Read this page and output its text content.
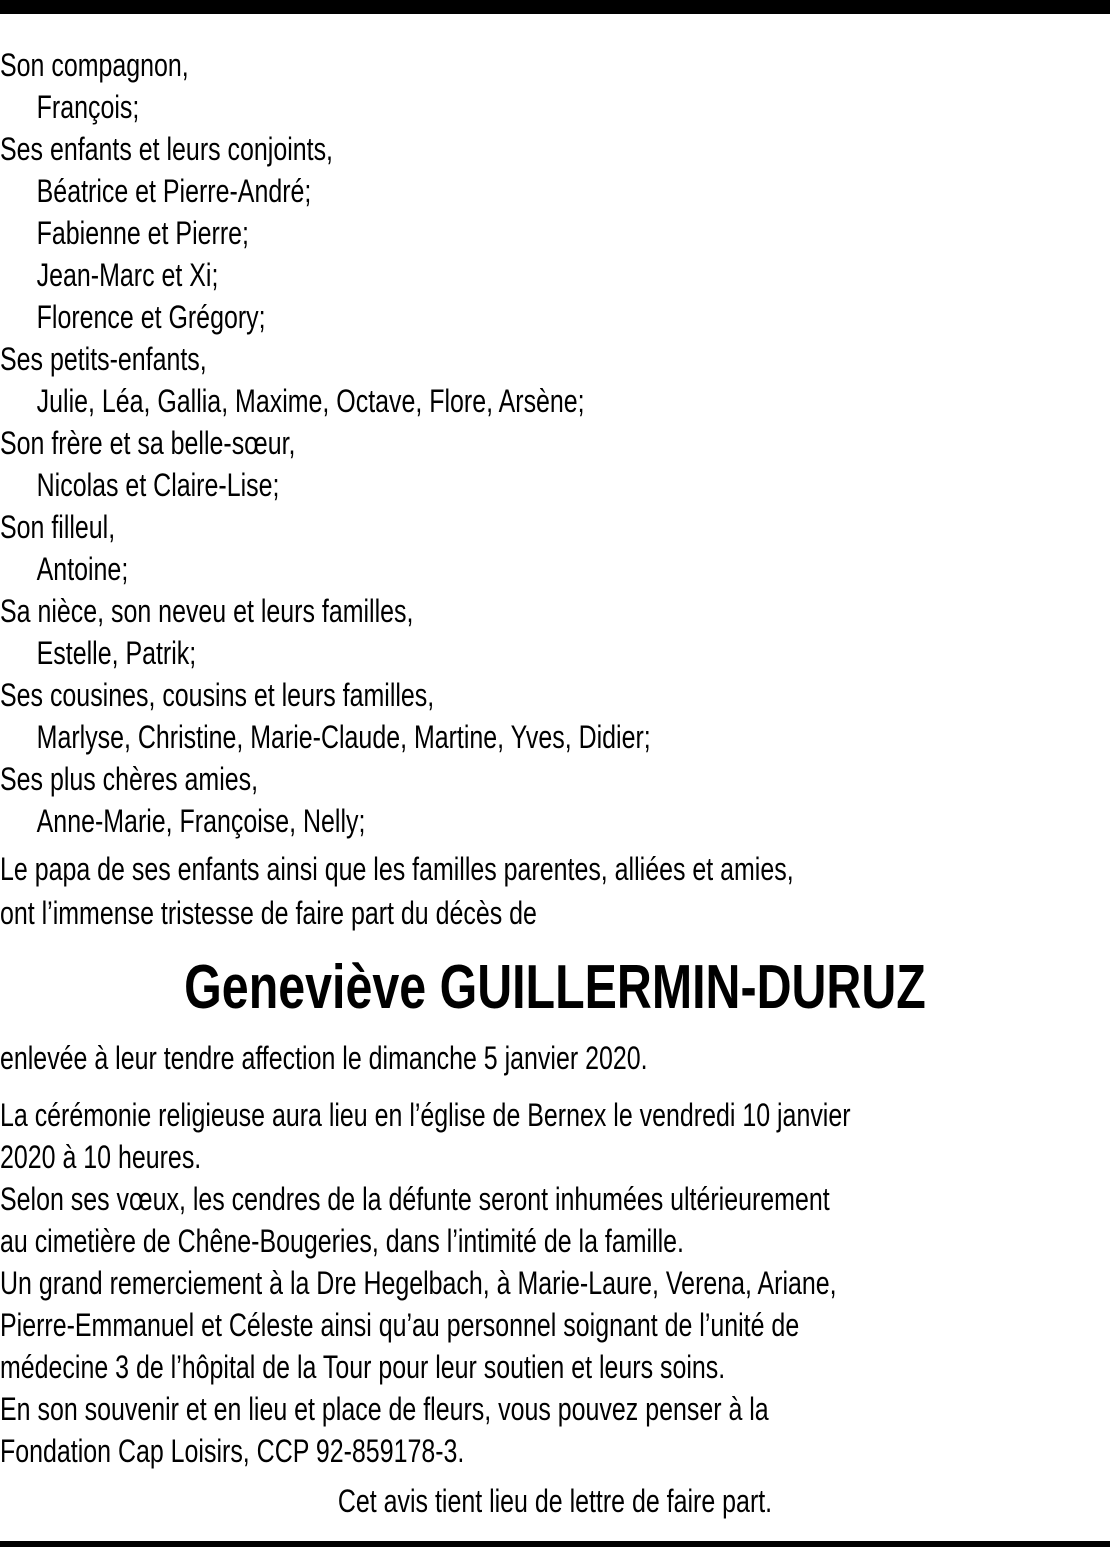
Son compagnon,
François;
Ses enfants et leurs conjoints,
Béatrice et Pierre-André;
Fabienne et Pierre;
Jean-Marc et Xi;
Florence et Grégory;
Ses petits-enfants,
Julie, Léa, Gallia, Maxime, Octave, Flore, Arsène;
Son frère et sa belle-sœur,
Nicolas et Claire-Lise;
Son filleul,
Antoine;
Sa nièce, son neveu et leurs familles,
Estelle, Patrik;
Ses cousines, cousins et leurs familles,
Marlyse, Christine, Marie-Claude, Martine, Yves, Didier;
Ses plus chères amies,
Anne-Marie, Françoise, Nelly;
Le papa de ses enfants ainsi que les familles parentes, alliées et amies,
ont l’immense tristesse de faire part du décès de
Geneviève GUILLERMIN-DURUZ
enlevée à leur tendre affection le dimanche 5 janvier 2020.
La cérémonie religieuse aura lieu en l’église de Bernex le vendredi 10 janvier
2020 à 10 heures.
Selon ses vœux, les cendres de la défunte seront inhumées ultérieurement
au cimetière de Chêne-Bougeries, dans l’intimité de la famille.
Un grand remerciement à la Dre Hegelbach, à Marie-Laure, Verena, Ariane,
Pierre-Emmanuel et Céleste ainsi qu’au personnel soignant de l’unité de
médecine 3 de l’hôpital de la Tour pour leur soutien et leurs soins.
En son souvenir et en lieu et place de fleurs, vous pouvez penser à la
Fondation Cap Loisirs, CCP 92-859178-3.
Cet avis tient lieu de lettre de faire part.
